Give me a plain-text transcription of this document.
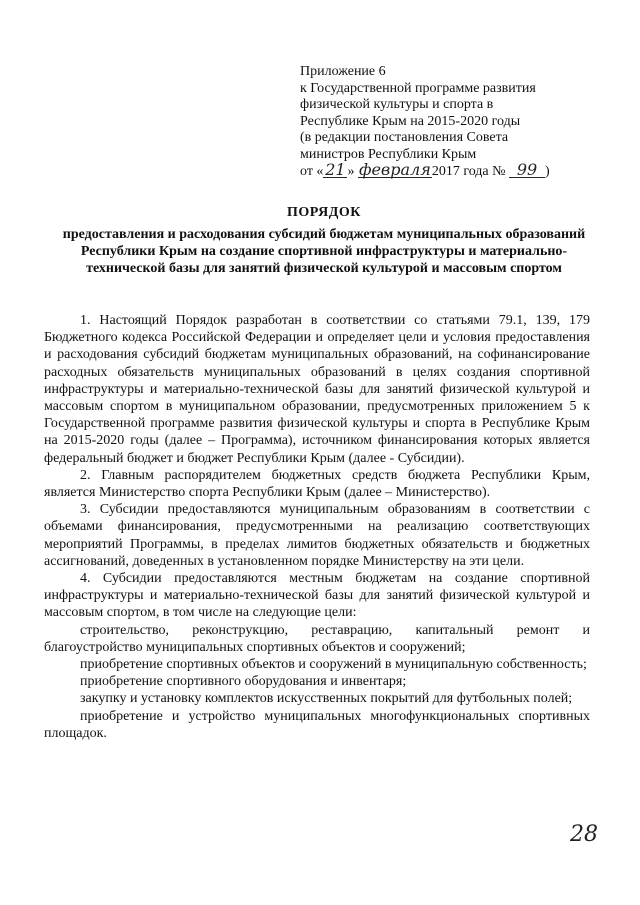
Приложение 6
к Государственной программе развития
физической культуры и спорта в
Республике Крым на 2015-2020 годы
(в редакции постановления Совета
министров Республики Крым
от « 21 » февраля2017 года № 99 )
ПОРЯДОК
предоставления и расходования субсидий бюджетам муниципальных образований Республики Крым на создание спортивной инфраструктуры и материально-технической базы для занятий физической культурой и массовым спортом

1. Настоящий Порядок разработан в соответствии со статьями 79.1, 139, 179 Бюджетного кодекса Российской Федерации и определяет цели и условия предоставления и расходования субсидий бюджетам муниципальных образований, на софинансирование расходных обязательств муниципальных образований в целях создания спортивной инфраструктуры и материально-технической базы для занятий физической культурой и массовым спортом в муниципальном образовании, предусмотренных приложением 5 к Государственной программе развития физической культуры и спорта в Республике Крым на 2015-2020 годы (далее – Программа), источником финансирования которых является федеральный бюджет и бюджет Республики Крым (далее - Субсидии).

2. Главным распорядителем бюджетных средств бюджета Республики Крым, является Министерство спорта Республики Крым (далее – Министерство).

3. Субсидии предоставляются муниципальным образованиям в соответствии с объемами финансирования, предусмотренными на реализацию соответствующих мероприятий Программы, в пределах лимитов бюджетных обязательств и бюджетных ассигнований, доведенных в установленном порядке Министерству на эти цели.

4. Субсидии предоставляются местным бюджетам на создание спортивной инфраструктуры и материально-технической базы для занятий физической культурой и массовым спортом, в том числе на следующие цели:

строительство, реконструкцию, реставрацию, капитальный ремонт и благоустройство муниципальных спортивных объектов и сооружений;

приобретение спортивных объектов и сооружений в муниципальную собственность;

приобретение спортивного оборудования и инвентаря;

закупку и установку комплектов искусственных покрытий для футбольных полей;

приобретение и устройство муниципальных многофункциональных спортивных площадок.

28
